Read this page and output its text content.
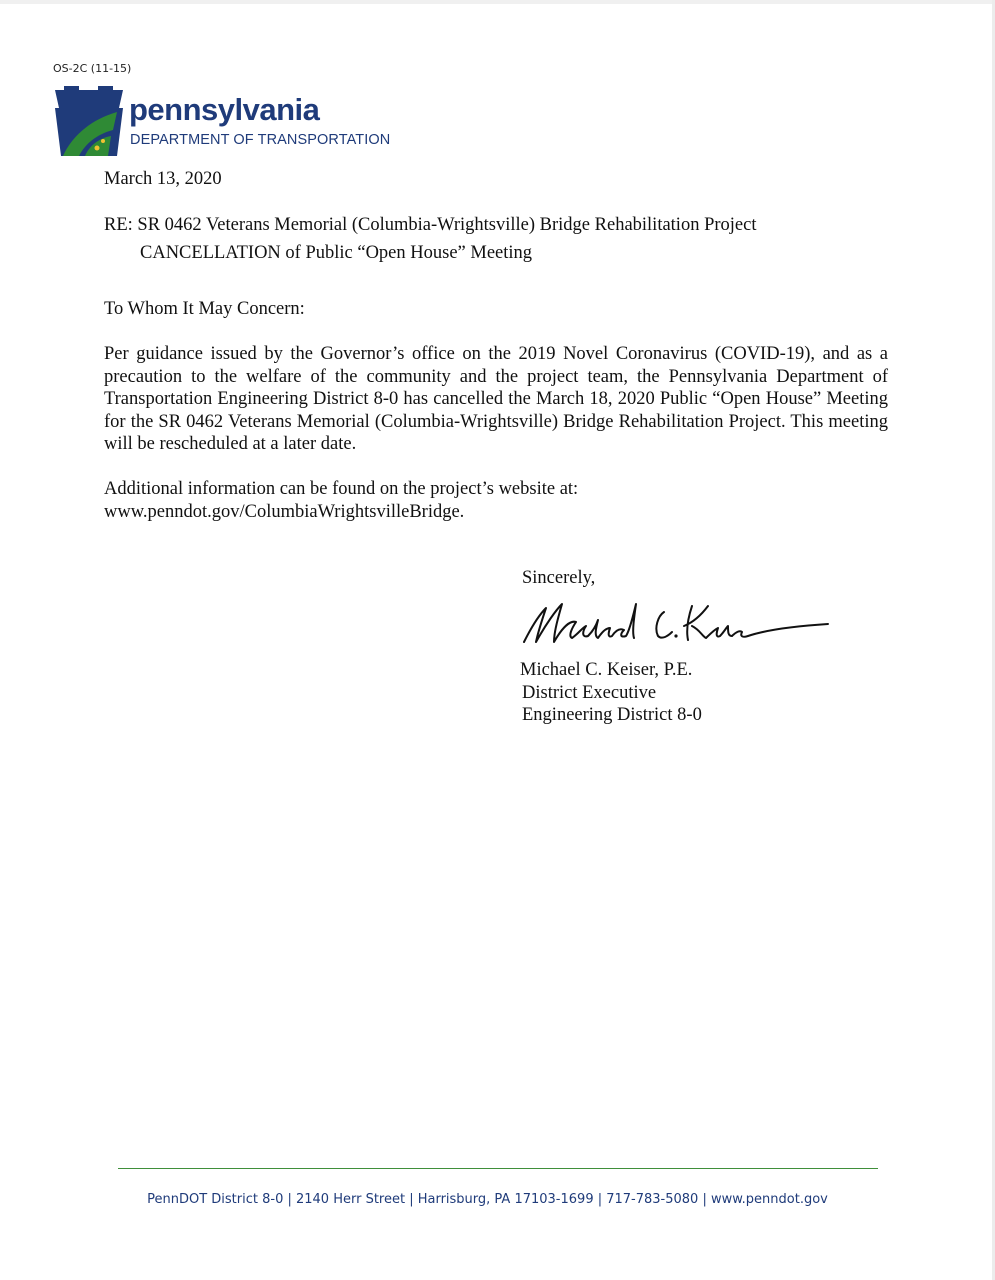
OS-2C (11-15)
pennsylvania
DEPARTMENT OF TRANSPORTATION
March 13, 2020
RE: SR 0462 Veterans Memorial (Columbia-Wrightsville) Bridge Rehabilitation Project
CANCELLATION of Public “Open House” Meeting
To Whom It May Concern:

Per guidance issued by the Governor’s office on the 2019 Novel Coronavirus (COVID-19), and as a precaution to the welfare of the community and the project team, the Pennsylvania Department of Transportation Engineering District 8-0 has cancelled the March 18, 2020 Public “Open House” Meeting for the SR 0462 Veterans Memorial (Columbia-Wrightsville) Bridge Rehabilitation Project. This meeting will be rescheduled at a later date.

Additional information can be found on the project’s website at:
www.penndot.gov/ColumbiaWrightsvilleBridge.
Sincerely,
Michael C. Keiser, P.E.
District Executive
Engineering District 8-0
PennDOT District 8-0 | 2140 Herr Street | Harrisburg, PA 17103-1699 | 717-783-5080 | www.penndot.gov
